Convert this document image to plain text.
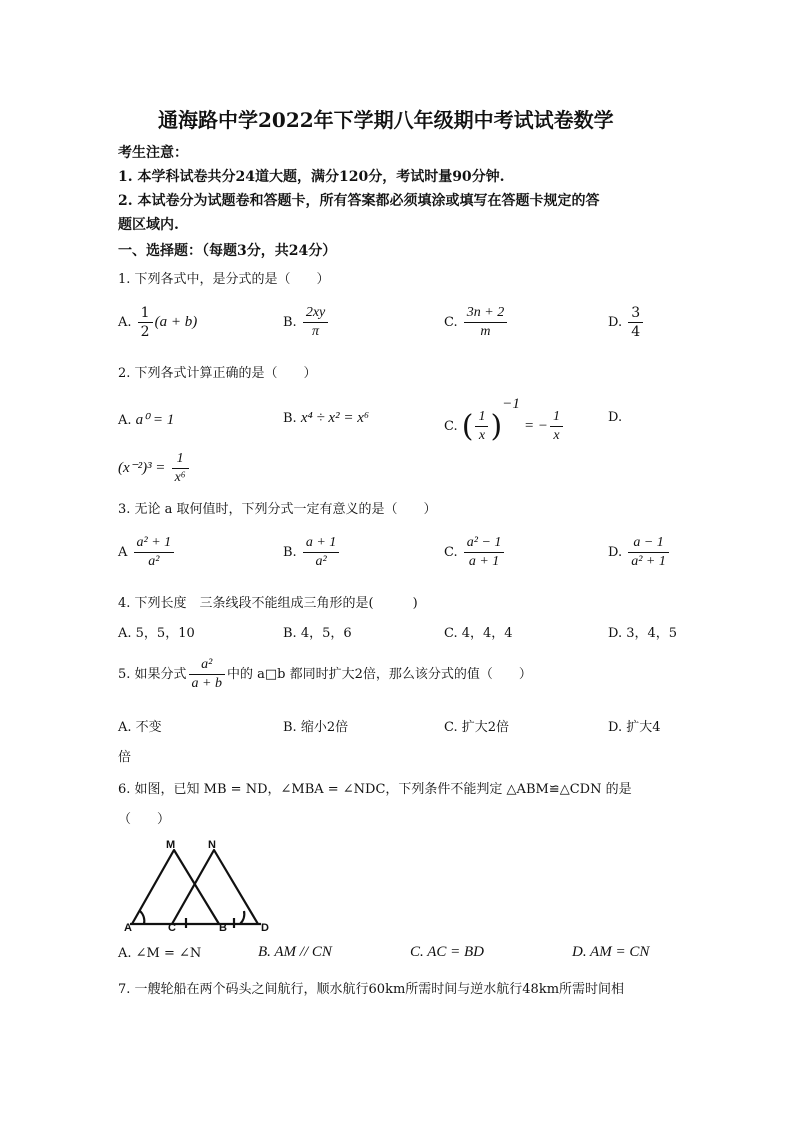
通海路中学2022年下学期八年级期中考试试卷数学
考生注意：
1. 本学科试卷共分24道大题，满分120分，考试时量90分钟.
2. 本试卷分为试题卷和答题卡，所有答案都必须填涂或填写在答题卡规定的答
题区域内.
一、选择题：（每题3分，共24分）
1. 下列各式中，是分式的是（　　）
A. $\frac{1}{2} (a + b)$	B. $\frac{2xy}{\pi}$	C. $\frac{3n + 2}{m}$	D. $\frac{3}{4}$
2. 下列各式计算正确的是（　　）
A. a⁰ = 1	B. x⁴ ÷ x² = x⁶
C. ( $\frac{1}{x} )^{-1}$ = − $\frac{1}{x}$	D.
$(x^{-2})^3 = \frac{1}{\text{x⁶}}$
3. 无论 a 取何值时，下列分式一定有意义的是（　　）
A $\frac{\text{a² + 1}}{\text{a²}}$	B. $\frac{a + 1}{\text{a²}}$	C. $\frac{\text{a² − 1}}{a + 1}$	D. $\frac{a - 1}{\text{a² + 1}}$
4. 下列长度　三条线段不能组成三角形的是(　　　)
A. 5，5，10	B. 4，5，6	C. 4，4，4	D. 3，4，5
5. 如果分式 $\frac{\text{a²}}{a + b}$ 中的 a□b 都同时扩大2倍，那么该分式的值（　　）
A. 不变	B. 缩小2倍	C. 扩大2倍	D. 扩大4
倍
6. 如图，已知 MB = ND，∠MBA = ∠NDC，下列条件不能判定 △ABM≌△CDN 的是
（　　）
M	N
A	C	B	D
A. ∠M = ∠N	B. AM // CN	C. AC = BD	D. AM = CN
7. 一艘轮船在两个码头之间航行，顺水航行60km所需时间与逆水航行48km所需时间相
